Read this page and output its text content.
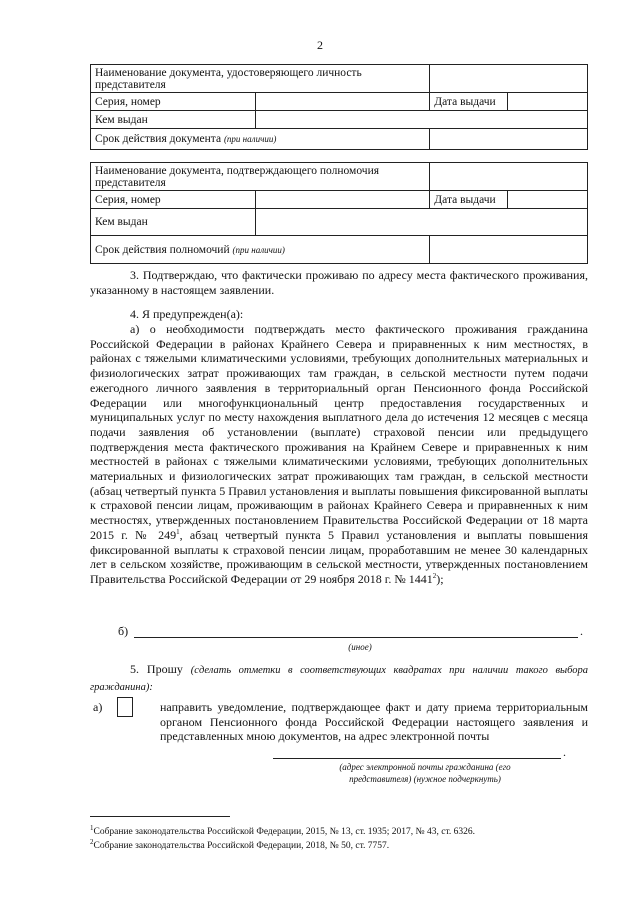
2
Наименование документа, удостоверяющего личность представителя			
Серия, номер		Дата выдачи	
Кем выдан			
Срок действия документа (при наличии)			
Наименование документа, подтверждающего полномочия представителя			
Серия, номер		Дата выдачи	
Кем выдан			
Срок действия полномочий (при наличии)			
3. Подтверждаю, что фактически проживаю по адресу места фактического проживания, указанному в настоящем заявлении.
4. Я предупрежден(а):
а) о необходимости подтверждать место фактического проживания гражданина Российской Федерации в районах Крайнего Севера и приравненных к ним местностях, в районах с тяжелыми климатическими условиями, требующих дополнительных материальных и физиологических затрат проживающих там граждан, в сельской местности путем подачи ежегодного личного заявления в территориальный орган Пенсионного фонда Российской Федерации или многофункциональный центр предоставления государственных и муниципальных услуг по месту нахождения выплатного дела до истечения 12 месяцев с месяца подачи заявления об установлении (выплате) страховой пенсии или предыдущего подтверждения места фактического проживания на Крайнем Севере и приравненных к ним местностей в районах с тяжелыми климатическими условиями, требующих дополнительных материальных и физиологических затрат проживающих там граждан, в сельской местности (абзац четвертый пункта 5 Правил установления и выплаты повышения фиксированной выплаты к страховой пенсии лицам, проживающим в районах Крайнего Севера и приравненных к ним местностях, утвержденных постановлением Правительства Российской Федерации от 18 марта 2015 г. № $249^1$, абзац четвертый пункта 5 Правил установления и выплаты повышения фиксированной выплаты к страховой пенсии лицам, проработавшим не менее 30 календарных лет в сельском хозяйстве, проживающим в сельской местности, утвержденных постановлением Правительства Российской Федерации от 29 ноября 2018 г. № 1441$^2$);
б)	.
(иное)
5. Прошу (сделать отметки в соответствующих квадратах при наличии такого выбора гражданина):
а)	направить уведомление, подтверждающее факт и дату приема территориальным органом Пенсионного фонда Российской Федерации настоящего заявления и представленных мною документов, на адрес электронной почты
.
(адрес электронной почты гражданина (его
представителя) (нужное подчеркнуть)
$^1$Собрание законодательства Российской Федерации, 2015, № 13, ст. 1935; 2017, № 43, ст. 6326.
$^2$Собрание законодательства Российской Федерации, 2018, № 50, ст. 7757.
